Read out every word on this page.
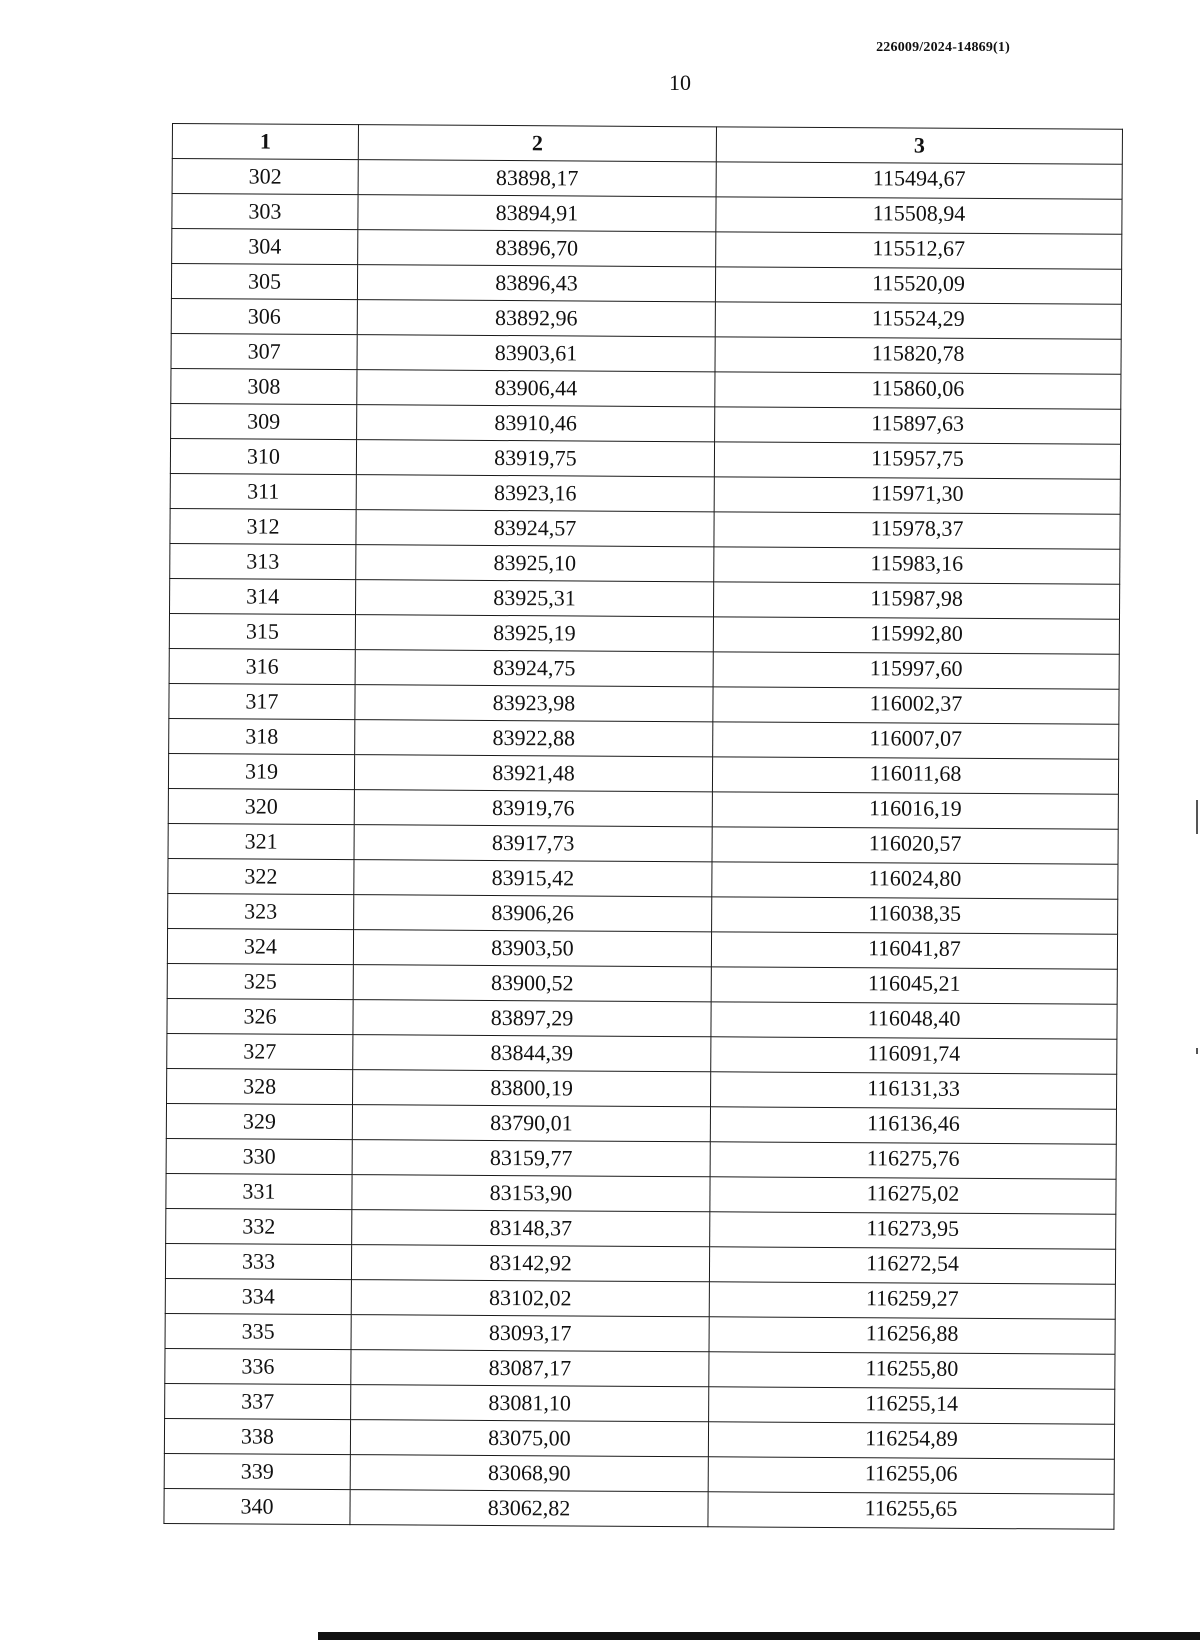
226009/2024-14869(1)
10
1	2	3
302	83898,17	115494,67
303	83894,91	115508,94
304	83896,70	115512,67
305	83896,43	115520,09
306	83892,96	115524,29
307	83903,61	115820,78
308	83906,44	115860,06
309	83910,46	115897,63
310	83919,75	115957,75
311	83923,16	115971,30
312	83924,57	115978,37
313	83925,10	115983,16
314	83925,31	115987,98
315	83925,19	115992,80
316	83924,75	115997,60
317	83923,98	116002,37
318	83922,88	116007,07
319	83921,48	116011,68
320	83919,76	116016,19
321	83917,73	116020,57
322	83915,42	116024,80
323	83906,26	116038,35
324	83903,50	116041,87
325	83900,52	116045,21
326	83897,29	116048,40
327	83844,39	116091,74
328	83800,19	116131,33
329	83790,01	116136,46
330	83159,77	116275,76
331	83153,90	116275,02
332	83148,37	116273,95
333	83142,92	116272,54
334	83102,02	116259,27
335	83093,17	116256,88
336	83087,17	116255,80
337	83081,10	116255,14
338	83075,00	116254,89
339	83068,90	116255,06
340	83062,82	116255,65
